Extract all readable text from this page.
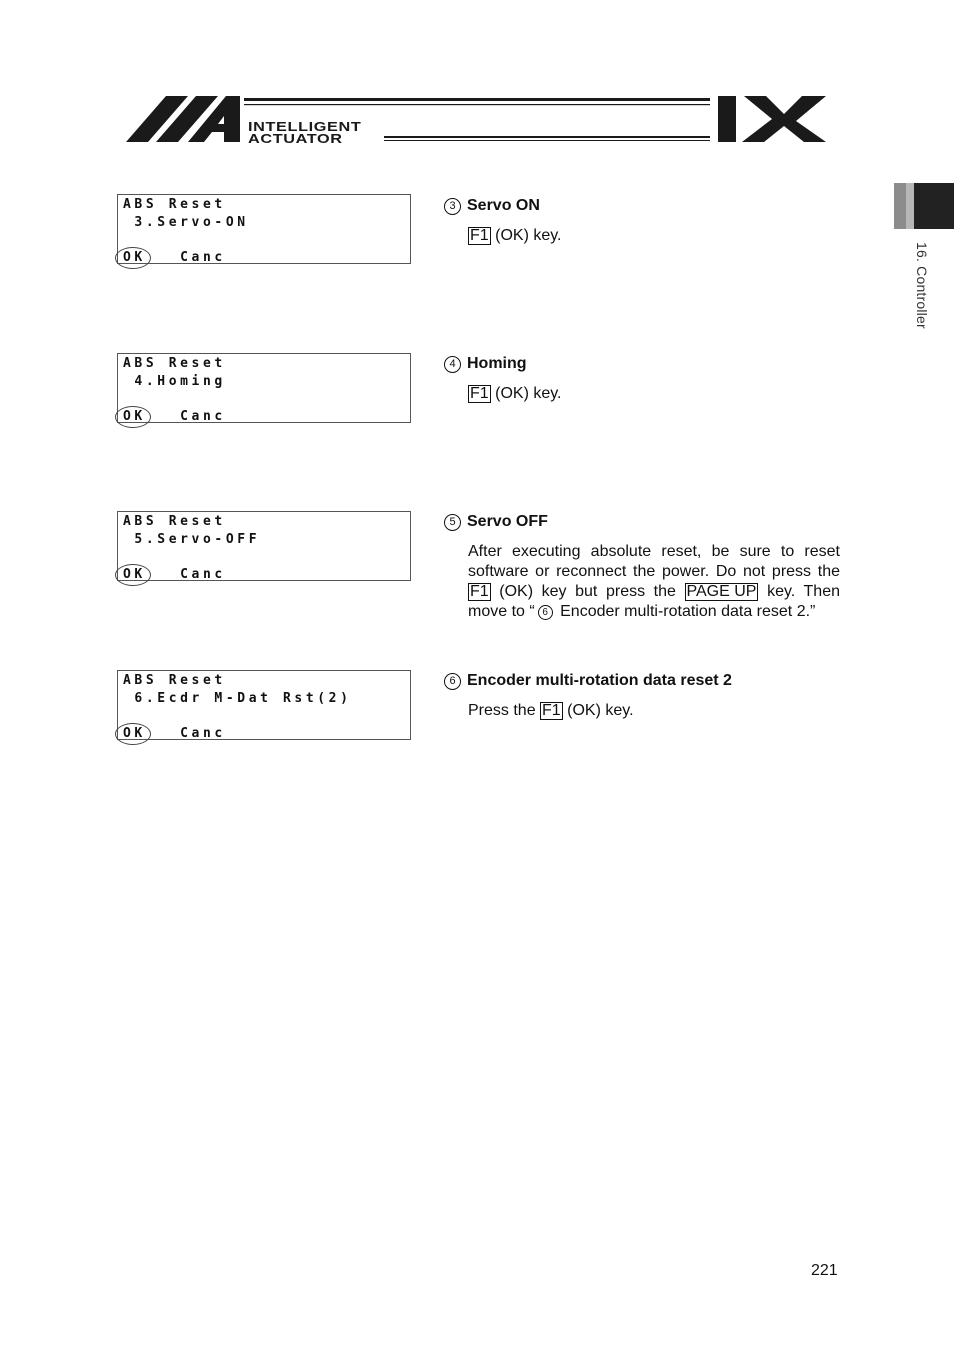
INTELLIGENT
ACTUATOR
16. Controller
ABS Reset
3.Servo-ON
OK   Canc
ABS Reset
4.Homing
OK   Canc
ABS Reset
5.Servo-OFF
OK   Canc
ABS Reset
6.Ecdr M-Dat Rst(2)
OK   Canc
3 Servo ON
F1 (OK) key.
4 Homing
F1 (OK) key.
5 Servo OFF
After executing absolute reset, be sure to reset software or reconnect the power. Do not press the F1 (OK) key but press the PAGE UP key. Then move to “ 6 Encoder multi-rotation data reset 2.”
6 Encoder multi-rotation data reset 2
Press the F1 (OK) key.
221
